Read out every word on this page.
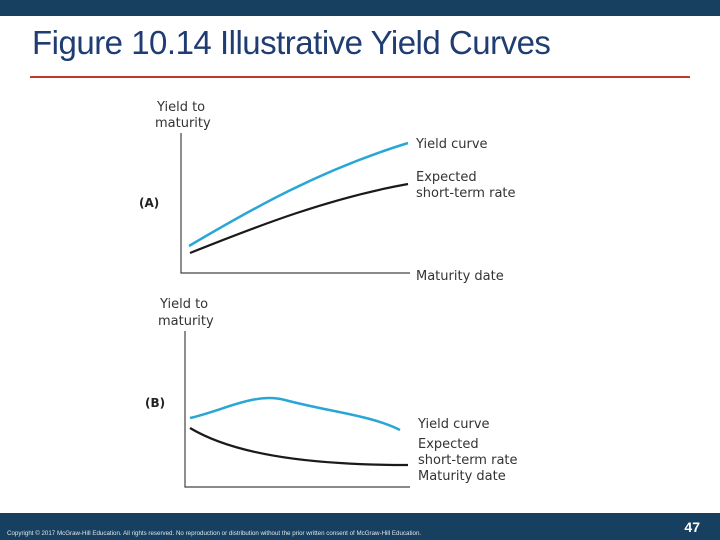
Figure 10.14 Illustrative Yield Curves
Yield to
maturity
(A)
Yield curve
Expected
short-term rate
Maturity date
Yield to
maturity
(B)
Yield curve
Expected
short-term rate
Maturity date
Copyright © 2017 McGraw-Hill Education. All rights reserved. No reproduction or distribution without the prior written consent of McGraw-Hill Education.	47
